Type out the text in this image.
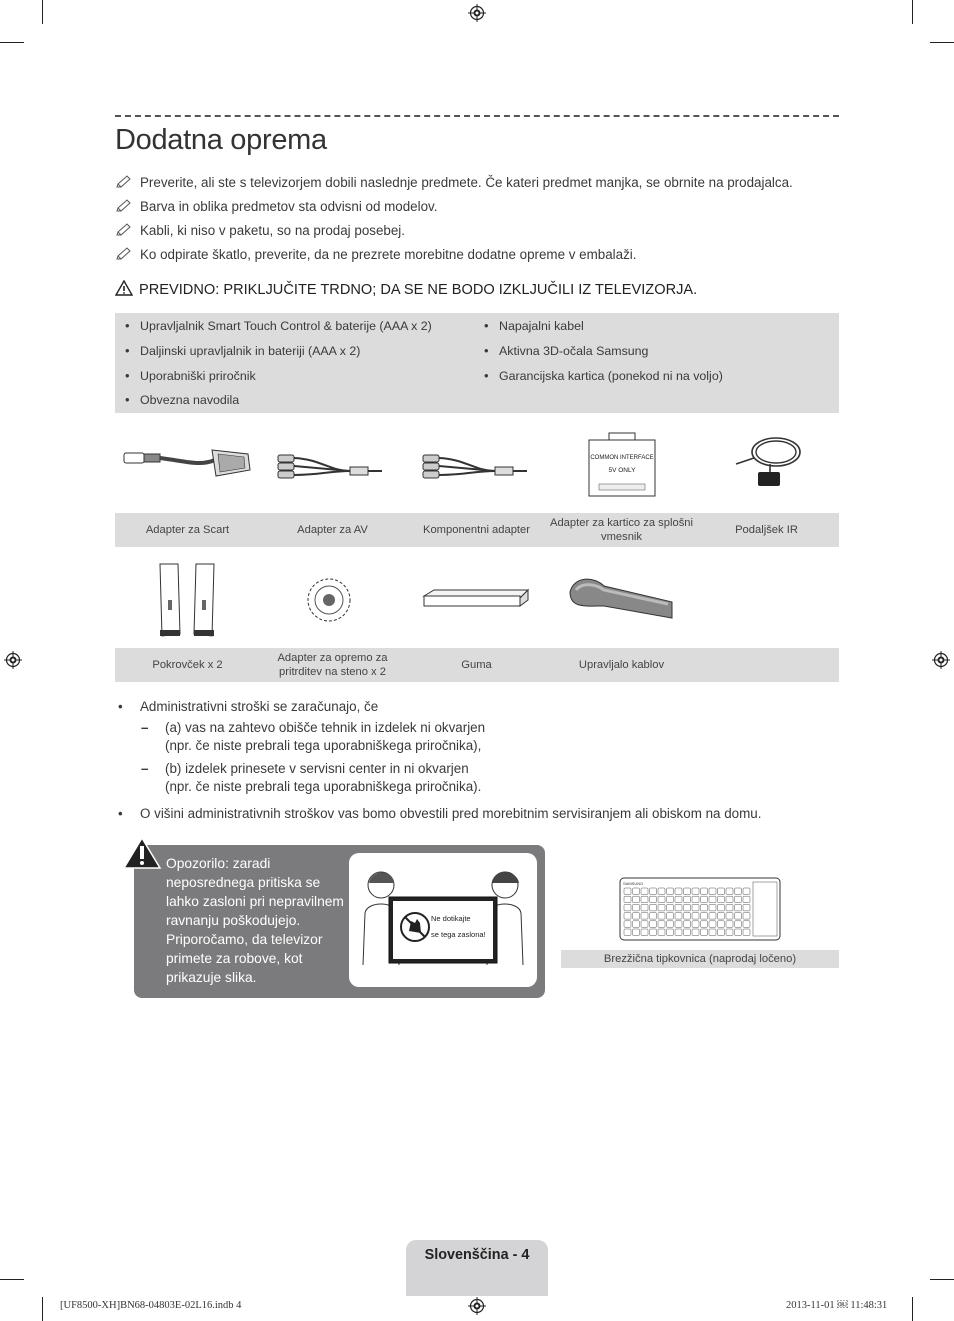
Dodatna oprema
Preverite, ali ste s televizorjem dobili naslednje predmete. Če kateri predmet manjka, se obrnite na prodajalca.
Barva in oblika predmetov sta odvisni od modelov.
Kabli, ki niso v paketu, so na prodaj posebej.
Ko odpirate škatlo, preverite, da ne prezrete morebitne dodatne opreme v embalaži.
PREVIDNO: PRIKLJUČITE TRDNO; DA SE NE BODO IZKLJUČILI IZ TELEVIZORJA.
• Upravljalnik Smart Touch Control & baterije (AAA x 2)
• Daljinski upravljalnik in bateriji (AAA x 2)
• Uporabniški priročnik
• Obvezna navodila
• Napajalni kabel
• Aktivna 3D-očala Samsung
• Garancijska kartica (ponekod ni na voljo)
COMMON INTERFACE
5V ONLY
Adapter za Scart	Adapter za AV	Komponentni adapter
Adapter za kartico za splošni vmesnik
Podaljšek IR
Pokrovček x 2
Adapter za opremo za pritrditev na steno x 2
Guma	Upravljalo kablov
• Administrativni stroški se zaračunajo, če
– (a) vas na zahtevo obišče tehnik in izdelek ni okvarjen
(npr. če niste prebrali tega uporabniškega priročnika),
– (b) izdelek prinesete v servisni center in ni okvarjen
(npr. če niste prebrali tega uporabniškega priročnika).
• O višini administrativnih stroškov vas bomo obvestili pred morebitnim servisiranjem ali obiskom na domu.
Opozorilo: zaradi neposrednega pritiska se lahko zasloni pri nepravilnem ravnanju poškodujejo. Priporočamo, da televizor primete za robove, kot prikazuje slika.
Ne dotikajte
se tega zaslona!
SAMSUNG
Brezžična tipkovnica (naprodaj ločeno)
Slovenščina - 4
[UF8500-XH]BN68-04803E-02L16.indb 4	2013-11-01 ￼ 11:48:31
